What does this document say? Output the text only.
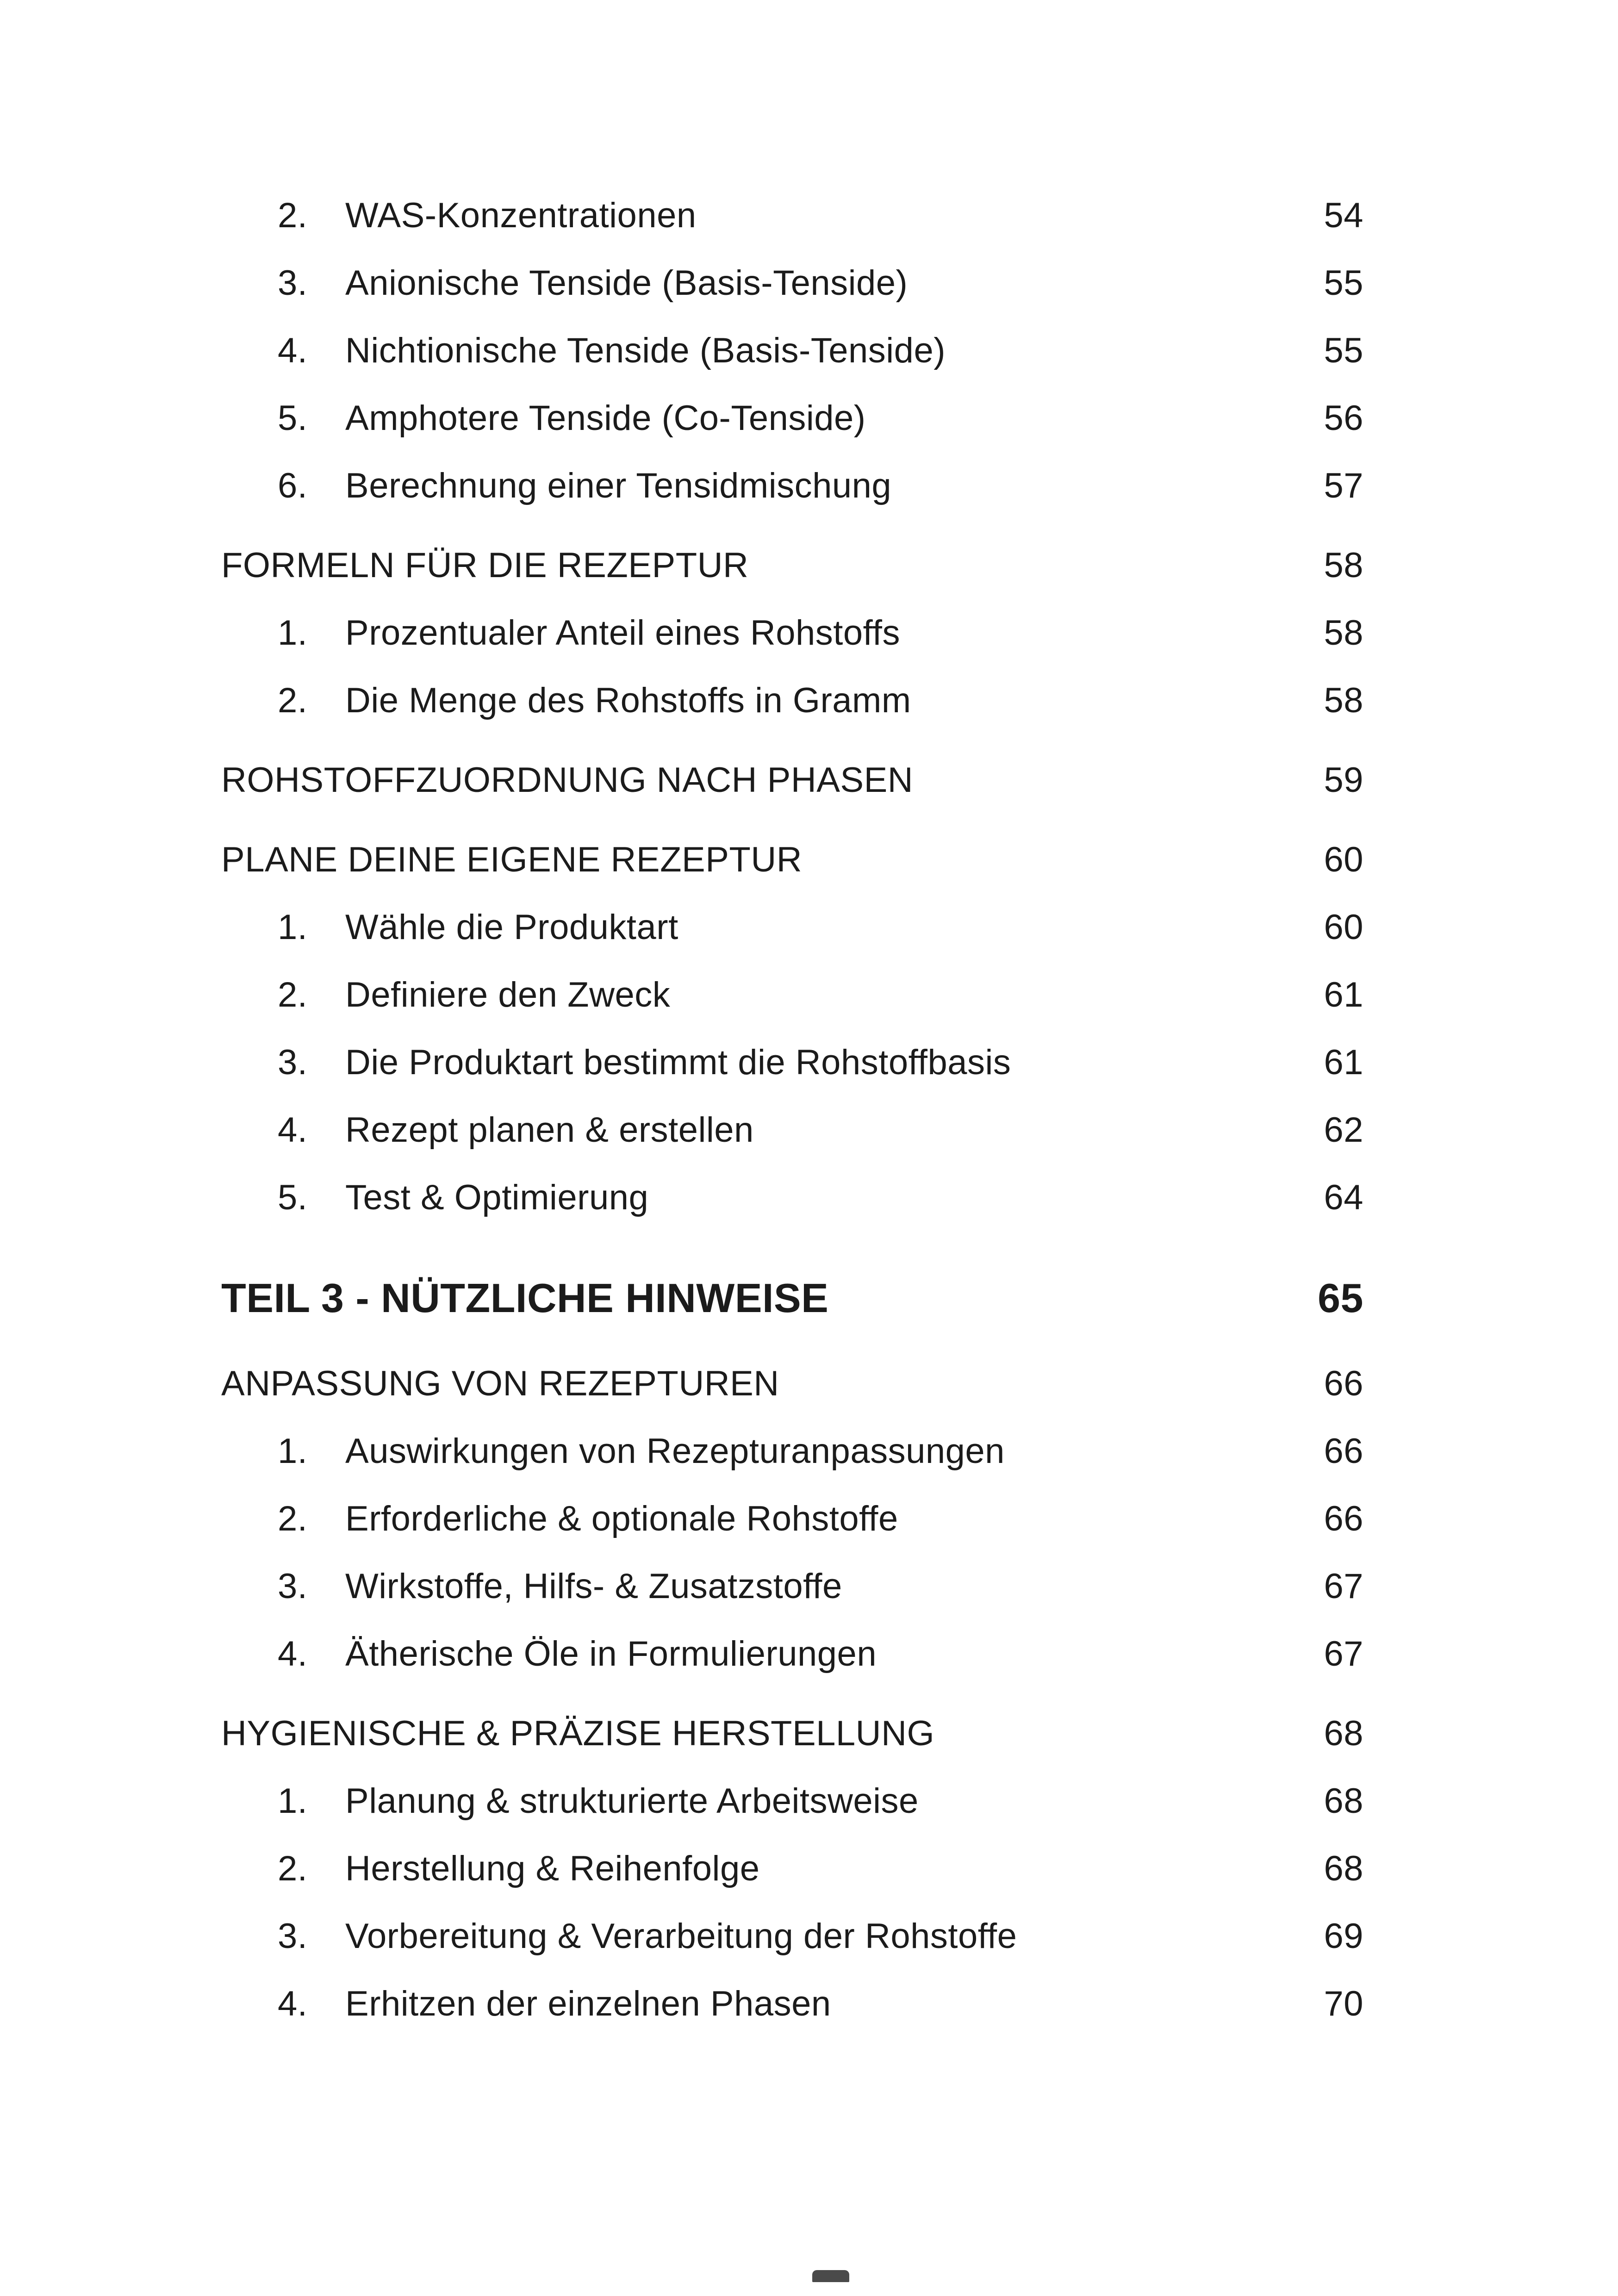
2.	WAS-Konzentrationen	54
3.	Anionische Tenside (Basis-Tenside)	55
4.	Nichtionische Tenside (Basis-Tenside)	55
5.	Amphotere Tenside (Co-Tenside)	56
6.	Berechnung einer Tensidmischung	57
FORMELN FÜR DIE REZEPTUR	58
1.	Prozentualer Anteil eines Rohstoffs	58
2.	Die Menge des Rohstoffs in Gramm	58
ROHSTOFFZUORDNUNG NACH PHASEN	59
PLANE DEINE EIGENE REZEPTUR	60
1.	Wähle die Produktart	60
2.	Definiere den Zweck	61
3.	Die Produktart bestimmt die Rohstoffbasis	61
4.	Rezept planen & erstellen	62
5.	Test & Optimierung	64
TEIL 3 - NÜTZLICHE HINWEISE	65
ANPASSUNG VON REZEPTUREN	66
1.	Auswirkungen von Rezepturanpassungen	66
2.	Erforderliche & optionale Rohstoffe	66
3.	Wirkstoffe, Hilfs- & Zusatzstoffe	67
4.	Ätherische Öle in Formulierungen	67
HYGIENISCHE & PRÄZISE HERSTELLUNG	68
1.	Planung & strukturierte Arbeitsweise	68
2.	Herstellung & Reihenfolge	68
3.	Vorbereitung & Verarbeitung der Rohstoffe	69
4.	Erhitzen der einzelnen Phasen	70
